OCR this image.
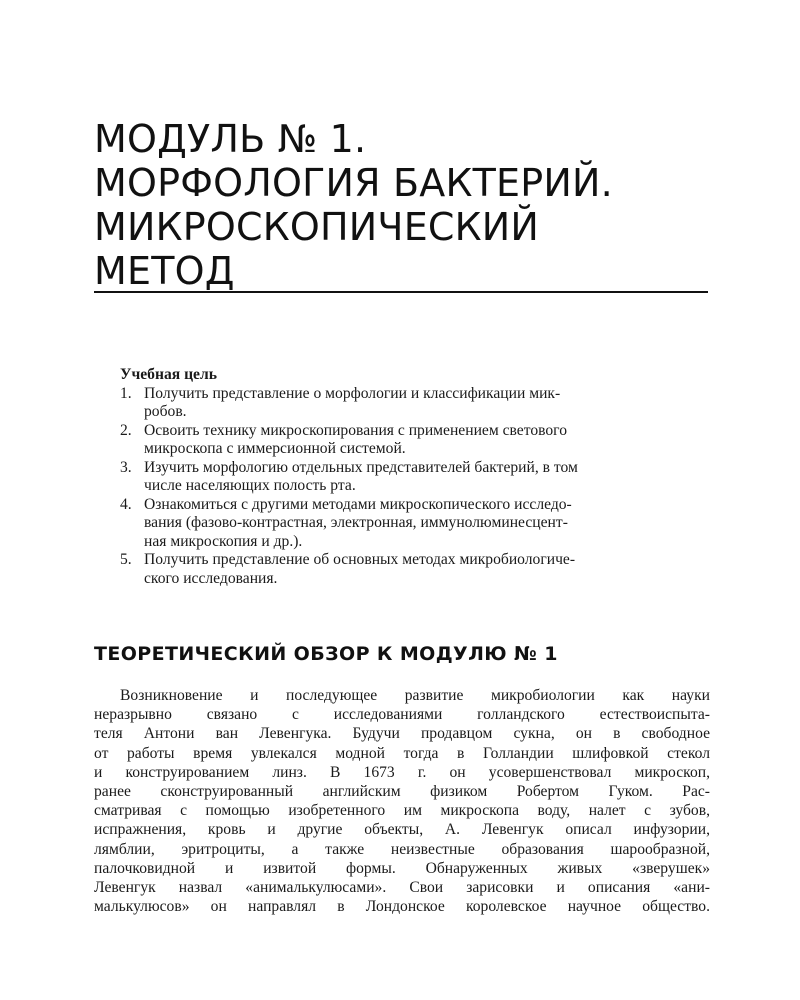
МОДУЛЬ № 1.
МОРФОЛОГИЯ БАКТЕРИЙ.
МИКРОСКОПИЧЕСКИЙ
МЕТОД

Учебная цель

1. Получить представление о морфологии и классификации мик-
робов.
2. Освоить технику микроскопирования с применением светового
микроскопа с иммерсионной системой.
3. Изучить морфологию отдельных представителей бактерий, в том
числе населяющих полость рта.
4. Ознакомиться с другими методами микроскопического исследо-
вания (фазово-контрастная, электронная, иммунолюминесцент-
ная микроскопия и др.).
5. Получить представление об основных методах микробиологиче-
ского исследования.
ТЕОРЕТИЧЕСКИЙ ОБЗОР К МОДУЛЮ № 1
Возникновение и последующее развитие микробиологии как науки
неразрывно связано с исследованиями голландского естествоиспыта-
теля Антони ван Левенгука. Будучи продавцом сукна, он в свободное
от работы время увлекался модной тогда в Голландии шлифовкой стекол
и конструированием линз. В 1673 г. он усовершенствовал микроскоп,
ранее сконструированный английским физиком Робертом Гуком. Рас-
сматривая с помощью изобретенного им микроскопа воду, налет с зубов,
испражнения, кровь и другие объекты, А. Левенгук описал инфузории,
лямблии, эритроциты, а также неизвестные образования шарообразной,
палочковидной и извитой формы. Обнаруженных живых «зверушек»
Левенгук назвал «анималькулюсами». Свои зарисовки и описания «ани-
малькулюсов» он направлял в Лондонское королевское научное общество.
